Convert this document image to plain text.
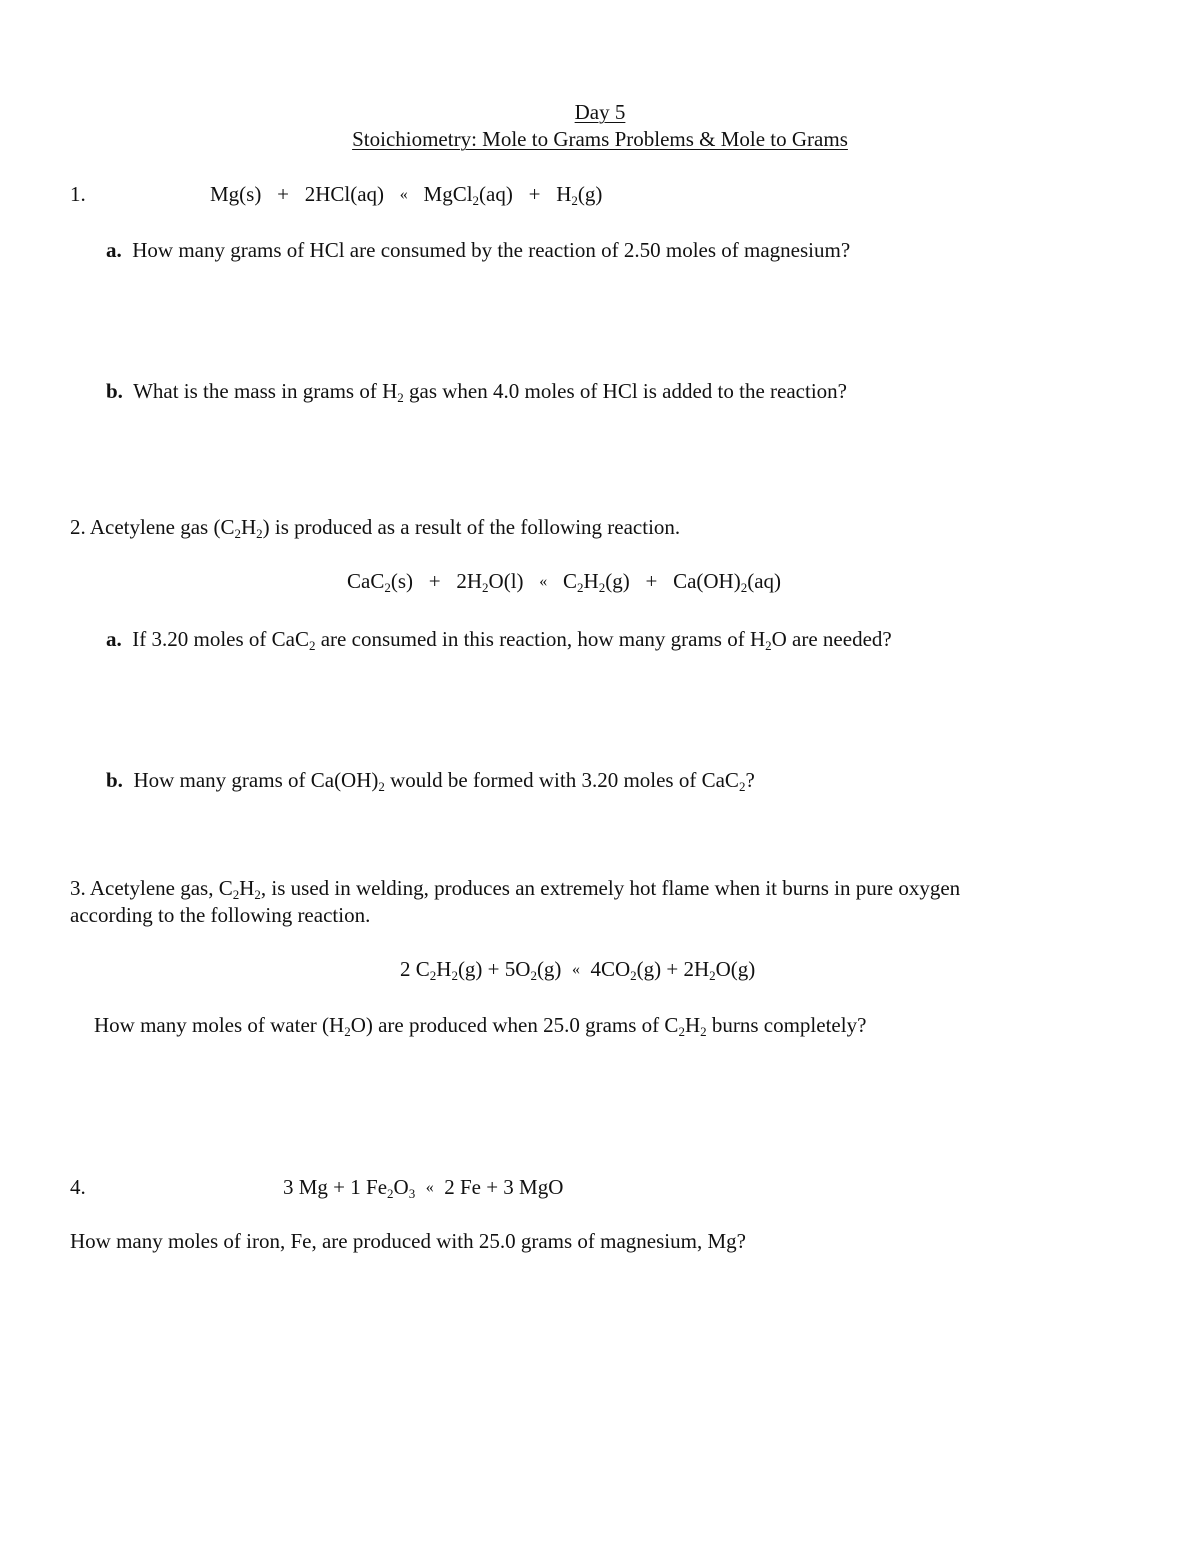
Day 5
Stoichiometry: Mole to Grams Problems & Mole to Grams
1.	Mg(s) + 2HCl(aq) « MgCl$_2$(aq) + $H_2(g)$
a. How many grams of HCl are consumed by the reaction of 2.50 moles of magnesium?
b. What is the mass in grams of $H_2$ gas when 4.0 moles of HCl is added to the reaction?
2. Acetylene gas $(C_2H_2)$ is produced as a result of the following reaction.
$CaC_2(s) + 2H_2O(l)$ « $C_2H_2(g) + Ca(OH)_2(aq)$
a. If 3.20 moles of CaC$_2$ are consumed in this reaction, how many grams of $H_2O$ are needed?
b. How many grams of $Ca(OH)_2$ would be formed with 3.20 moles of CaC$_2$?
3. Acetylene gas, $C_2H_2$, is used in welding, produces an extremely hot flame when it burns in pure oxygen
according to the following reaction.
2 $C_2H_2(g) + 5O_2(g)$ « $4CO_2(g) + 2H_2O(g)$
How many moles of water $(H_2O)$ are produced when 25.0 grams of $C_2H_2$ burns completely?
4.	3 Mg + 1 $Fe_2O_3$ « 2 Fe + 3 MgO
How many moles of iron, Fe, are produced with 25.0 grams of magnesium, Mg?
